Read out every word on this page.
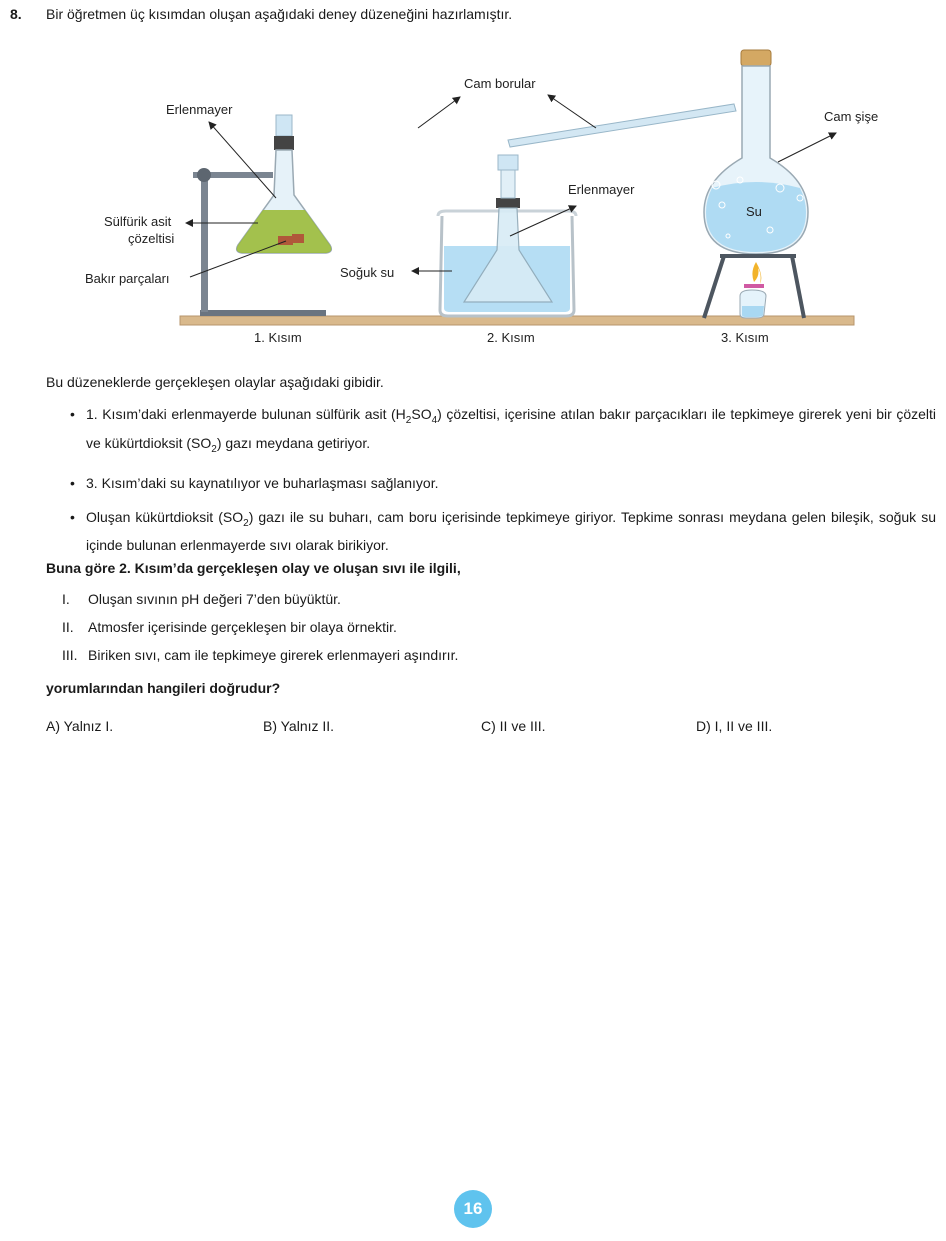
8. Bir öğretmen üç kısımdan oluşan aşağıdaki deney düzeneğini hazırlamıştır.
Erlenmayer
Sülfürik asit
çözeltisi
Bakır parçaları
Cam borular
Erlenmayer
Soğuk su
Cam şişe
Su
1. Kısım	2. Kısım	3. Kısım
Bu düzeneklerde gerçekleşen olaylar aşağıdaki gibidir.
• 1. Kısım’daki erlenmayerde bulunan sülfürik asit $(H_2SO_4)$ çözeltisi, içerisine atılan bakır parçacıkları ile tepkimeye girerek yeni bir çözelti ve kükürtdioksit $(SO_2)$ gazı meydana getiriyor.
• 3. Kısım’daki su kaynatılıyor ve buharlaşması sağlanıyor.
• Oluşan kükürtdioksit $(SO_2)$ gazı ile su buharı, cam boru içerisinde tepkimeye giriyor. Tepkime sonrası meydana gelen bileşik, soğuk su içinde bulunan erlenmayerde sıvı olarak birikiyor.
Buna göre 2. Kısım’da gerçekleşen olay ve oluşan sıvı ile ilgili,
I.	Oluşan sıvının pH değeri 7’den büyüktür.
II.	Atmosfer içerisinde gerçekleşen bir olaya örnektir.
III. Biriken sıvı, cam ile tepkimeye girerek erlenmayeri aşındırır.
yorumlarından hangileri doğrudur?
A) Yalnız I.	B) Yalnız II.	C) II ve III.	D) I, II ve III.
16
